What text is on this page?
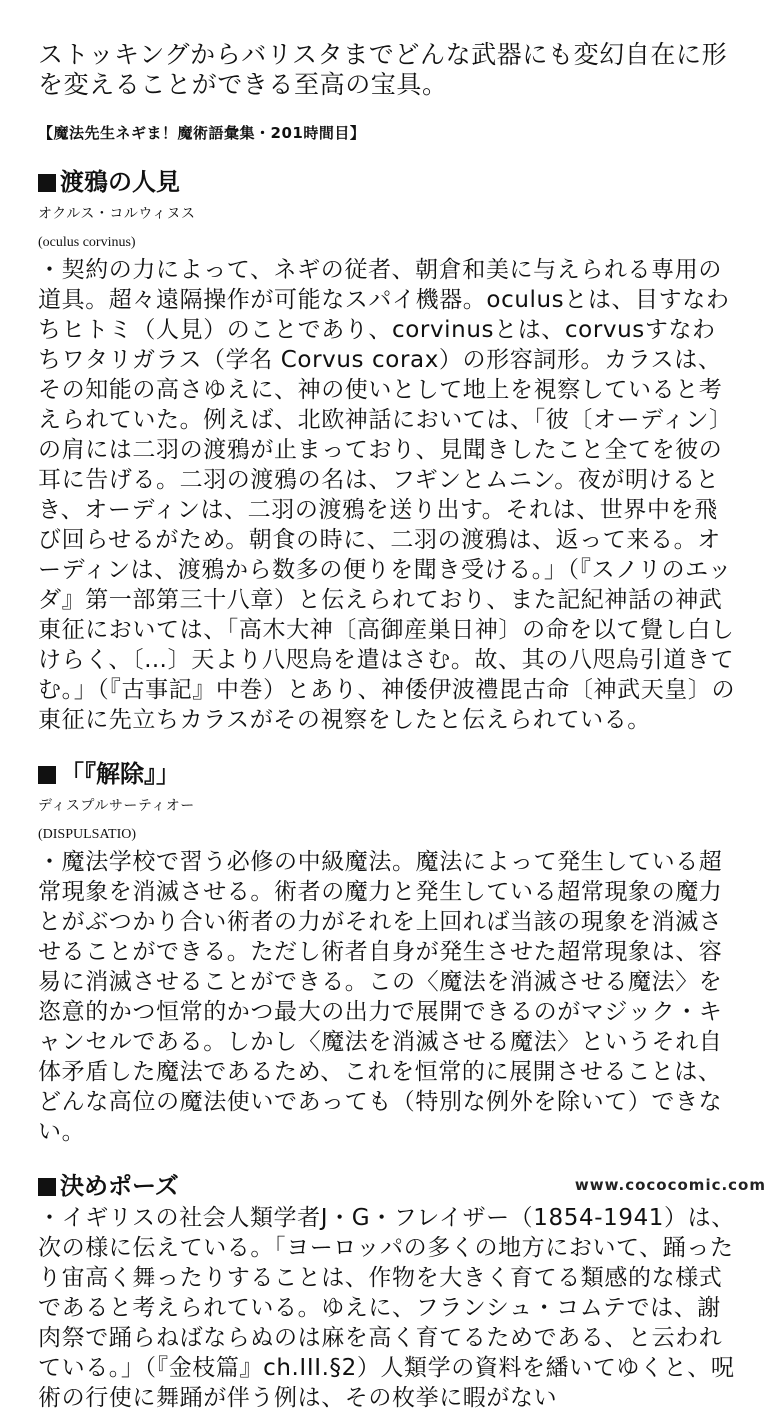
ストッキングからバリスタまでどんな武器にも変幻自在に形を変えることができる至高の宝具。

【魔法先生ネギま！魔術語彙集・201時間目】
渡鴉の人見

オクルス・コルウィヌス

(oculus corvinus)

・契約の力によって、ネギの従者、朝倉和美に与えられる専用の道具。超々遠隔操作が可能なスパイ機器。oculusとは、目すなわちヒトミ（人見）のことであり、corvinusとは、corvusすなわちワタリガラス（学名 Corvus corax）の形容詞形。カラスは、その知能の高さゆえに、神の使いとして地上を視察していると考えられていた。例えば、北欧神話においては、「彼〔オーディン〕の肩には二羽の渡鴉が止まっており、見聞きしたこと全てを彼の耳に告げる。二羽の渡鴉の名は、フギンとムニン。夜が明けるとき、オーディンは、二羽の渡鴉を送り出す。それは、世界中を飛び回らせるがため。朝食の時に、二羽の渡鴉は、返って来る。オーディンは、渡鴉から数多の便りを聞き受ける。」（『スノリのエッダ』第一部第三十八章）と伝えられており、また記紀神話の神武東征においては、「高木大神〔高御産巣日神〕の命を以て覺し白しけらく、〔…〕天より八咫烏を遣はさむ。故、其の八咫烏引道きてむ。」（『古事記』中巻）とあり、神倭伊波禮毘古命〔神武天皇〕の東征に先立ちカラスがその視察をしたと伝えられている。

「『解除』」

ディスプルサーティオー

(DISPULSATIO)

・魔法学校で習う必修の中級魔法。魔法によって発生している超常現象を消滅させる。術者の魔力と発生している超常現象の魔力とがぶつかり合い術者の力がそれを上回れば当該の現象を消滅させることができる。ただし術者自身が発生させた超常現象は、容易に消滅させることができる。この〈魔法を消滅させる魔法〉を恣意的かつ恒常的かつ最大の出力で展開できるのがマジック・キャンセルである。しかし〈魔法を消滅させる魔法〉というそれ自体矛盾した魔法であるため、これを恒常的に展開させることは、どんな高位の魔法使いであっても（特別な例外を除いて）できない。

決めポーズ

・イギリスの社会人類学者J・G・フレイザー（1854-1941）は、次の様に伝えている。「ヨーロッパの多くの地方において、踊ったり宙高く舞ったりすることは、作物を大きく育てる類感的な様式であると考えられている。ゆえに、フランシュ・コムテでは、謝肉祭で踊らねばならぬのは麻を高く育てるためである、と云われている。」（『金枝篇』ch.III.§2）人類学の資料を繙いてゆくと、呪術の行使に舞踊が伴う例は、その枚挙に暇がない

www.cococomic.com
